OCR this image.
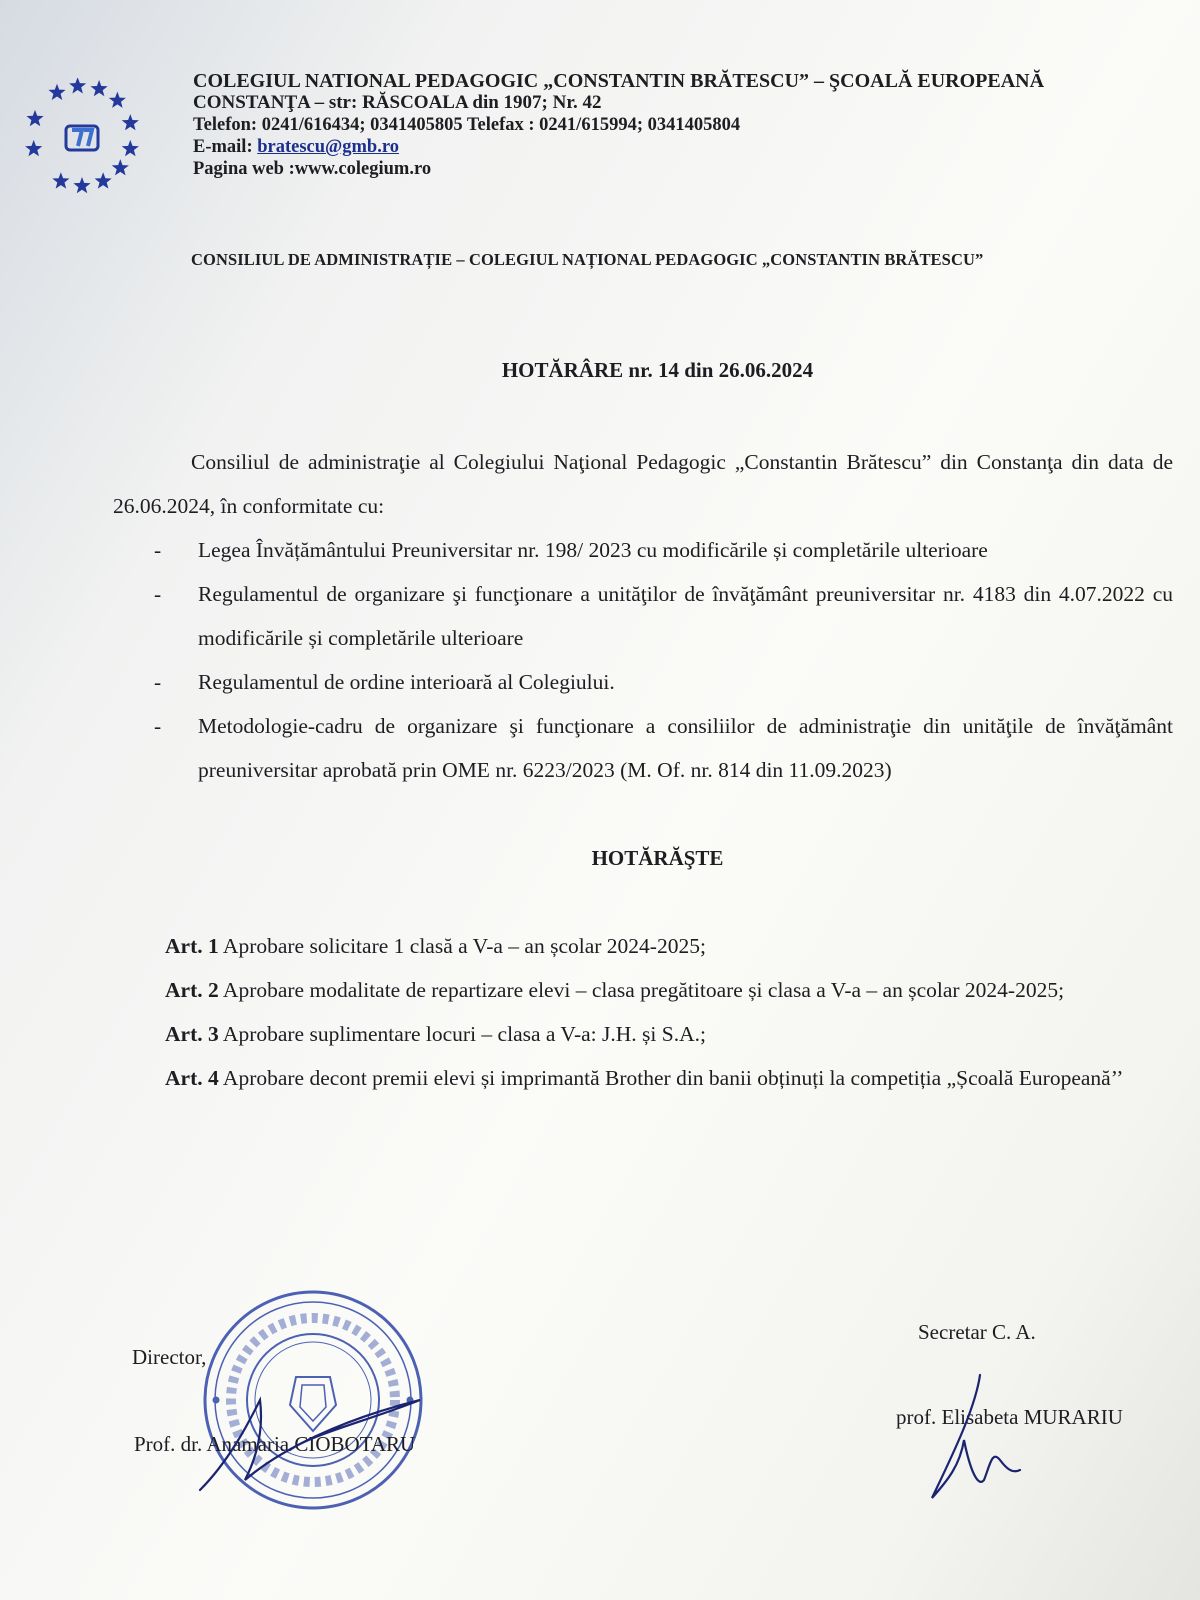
COLEGIUL NATIONAL PEDAGOGIC „CONSTANTIN BRĂTESCU” – ŞCOALĂ EUROPEANĂ
CONSTANŢA – str: RĂSCOALA din 1907; Nr. 42
Telefon: 0241/616434; 0341405805 Telefax : 0241/615994; 0341405804
E-mail: bratescu@gmb.ro
Pagina web :www.colegium.ro
CONSILIUL DE ADMINISTRAȚIE – COLEGIUL NAȚIONAL PEDAGOGIC „CONSTANTIN BRĂTESCU”
HOTĂRÂRE nr. 14 din 26.06.2024

Consiliul de administraţie al Colegiului Naţional Pedagogic „Constantin Brătescu” din Constanţa din data de 26.06.2024, în conformitate cu:

- Legea Învățământului Preuniversitar nr. 198/ 2023 cu modificările și completările ulterioare
- Regulamentul de organizare şi funcţionare a unităţilor de învăţământ preuniversitar nr. 4183 din 4.07.2022 cu modificările și completările ulterioare
- Regulamentul de ordine interioară al Colegiului.
- Metodologie-cadru de organizare şi funcţionare a consiliilor de administraţie din unităţile de învăţământ preuniversitar aprobată prin OME nr. 6223/2023 (M. Of. nr. 814 din 11.09.2023)
HOTĂRĂŞTE

Art. 1 Aprobare solicitare 1 clasă a V-a – an școlar 2024-2025;

Art. 2 Aprobare modalitate de repartizare elevi – clasa pregătitoare și clasa a V-a – an școlar 2024-2025;

Art. 3 Aprobare suplimentare locuri – clasa a V-a: J.H. și S.A.;

Art. 4 Aprobare decont premii elevi și imprimantă Brother din banii obținuți la competiția „Școală Europeană’’

Director,
Prof. dr. Anamaria CIOBOTARU
Secretar C. A.
prof. Elisabeta MURARIU
